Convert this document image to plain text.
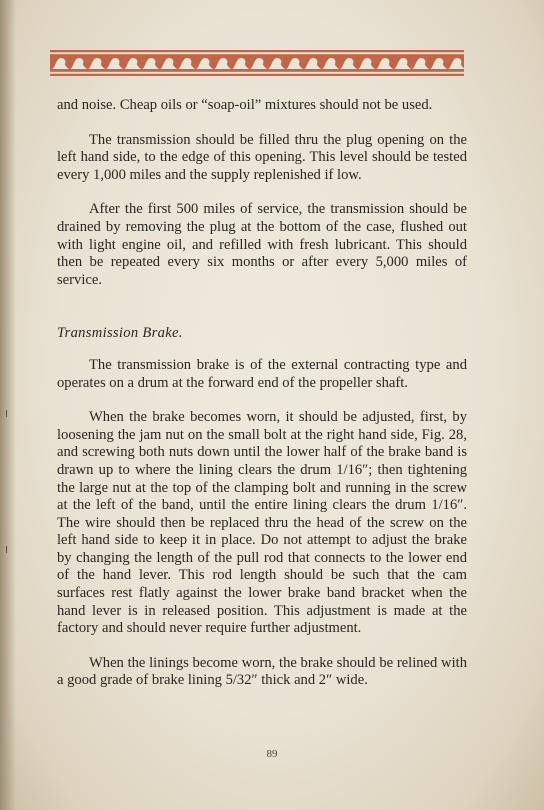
and noise. Cheap oils or “soap-oil” mixtures should not be used.

The transmission should be filled thru the plug opening on the left hand side, to the edge of this opening. This level should be tested every 1,000 miles and the supply replenished if low.

After the first 500 miles of service, the transmission should be drained by removing the plug at the bottom of the case, flushed out with light engine oil, and refilled with fresh lubricant. This should then be repeated every six months or after every 5,000 miles of service.

Transmission Brake.

The transmission brake is of the external contracting type and operates on a drum at the forward end of the propeller shaft.

When the brake becomes worn, it should be adjusted, first, by loosening the jam nut on the small bolt at the right hand side, Fig. 28, and screwing both nuts down until the lower half of the brake band is drawn up to where the lining clears the drum 1/16″; then tightening the large nut at the top of the clamping bolt and running in the screw at the left of the band, until the entire lining clears the drum 1/16″. The wire should then be replaced thru the head of the screw on the left hand side to keep it in place. Do not attempt to adjust the brake by changing the length of the pull rod that connects to the lower end of the hand lever. This rod length should be such that the cam surfaces rest flatly against the lower brake band bracket when the hand lever is in released position. This adjustment is made at the factory and should never require further adjustment.

When the linings become worn, the brake should be relined with a good grade of brake lining 5/32″ thick and 2″ wide.

89
